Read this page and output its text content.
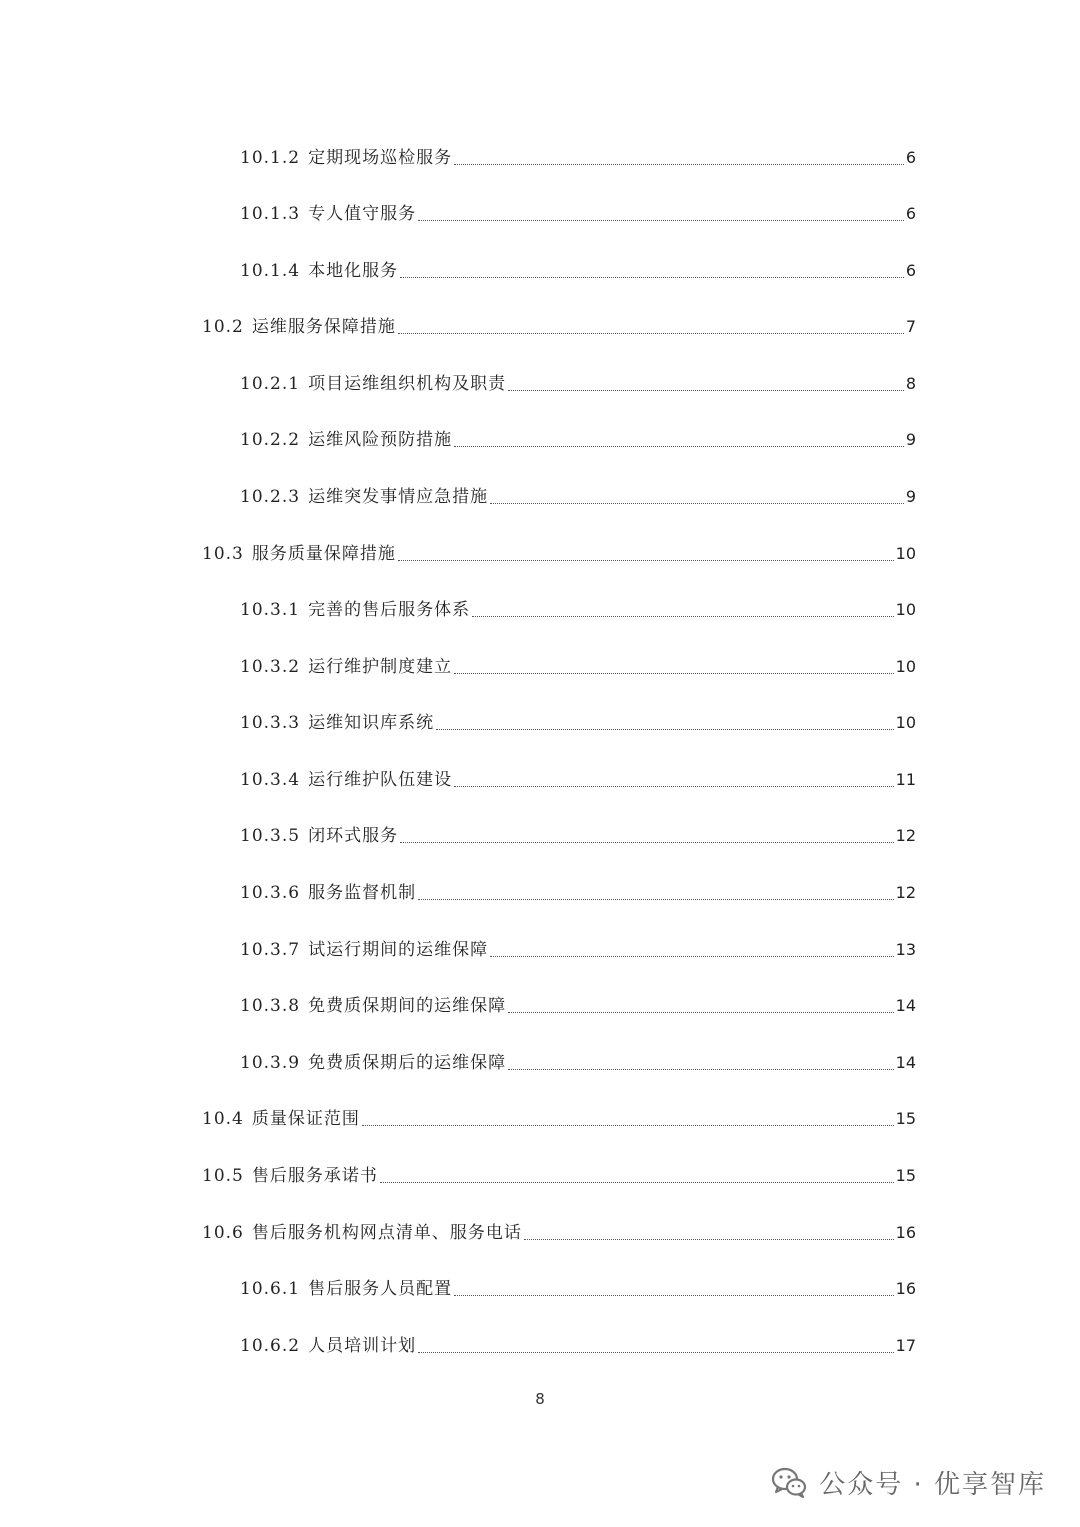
10.1.2 定期现场巡检服务	6
10.1.3 专人值守服务	6
10.1.4 本地化服务	6
10.2 运维服务保障措施	7
10.2.1 项目运维组织机构及职责	8
10.2.2 运维风险预防措施	9
10.2.3 运维突发事情应急措施	9
10.3 服务质量保障措施	10
10.3.1 完善的售后服务体系	10
10.3.2 运行维护制度建立	10
10.3.3 运维知识库系统	10
10.3.4 运行维护队伍建设	11
10.3.5 闭环式服务	12
10.3.6 服务监督机制	12
10.3.7 试运行期间的运维保障	13
10.3.8 免费质保期间的运维保障	14
10.3.9 免费质保期后的运维保障	14
10.4 质量保证范围	15
10.5 售后服务承诺书	15
10.6 售后服务机构网点清单、服务电话	16
10.6.1 售后服务人员配置	16
10.6.2 人员培训计划	17
8
公众号 · 优享智库
